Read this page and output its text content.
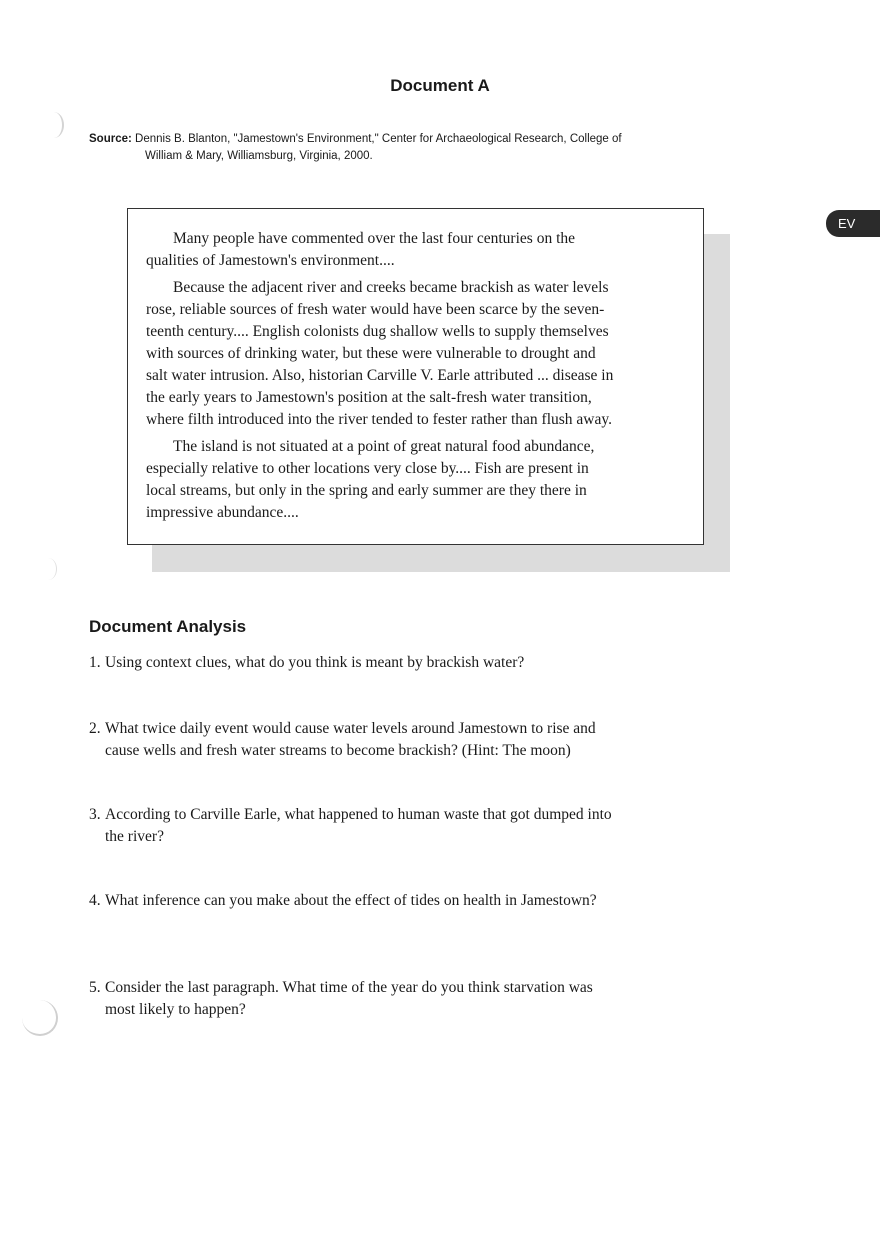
Document A
Source: Dennis B. Blanton, "Jamestown's Environment," Center for Archaeological Research, College of
William & Mary, Williamsburg, Virginia, 2000.

Many people have commented over the last four centuries on the
qualities of Jamestown's environment....

Because the adjacent river and creeks became brackish as water levels
rose, reliable sources of fresh water would have been scarce by the seven-
teenth century.... English colonists dug shallow wells to supply themselves
with sources of drinking water, but these were vulnerable to drought and
salt water intrusion. Also, historian Carville V. Earle attributed ... disease in
the early years to Jamestown's position at the salt-fresh water transition,
where filth introduced into the river tended to fester rather than flush away.

The island is not situated at a point of great natural food abundance,
especially relative to other locations very close by.... Fish are present in
local streams, but only in the spring and early summer are they there in
impressive abundance....

EV
Document Analysis
1. Using context clues, what do you think is meant by brackish water?
2. What twice daily event would cause water levels around Jamestown to rise and
cause wells and fresh water streams to become brackish? (Hint: The moon)
3. According to Carville Earle, what happened to human waste that got dumped into
the river?
4. What inference can you make about the effect of tides on health in Jamestown?
5. Consider the last paragraph. What time of the year do you think starvation was
most likely to happen?
